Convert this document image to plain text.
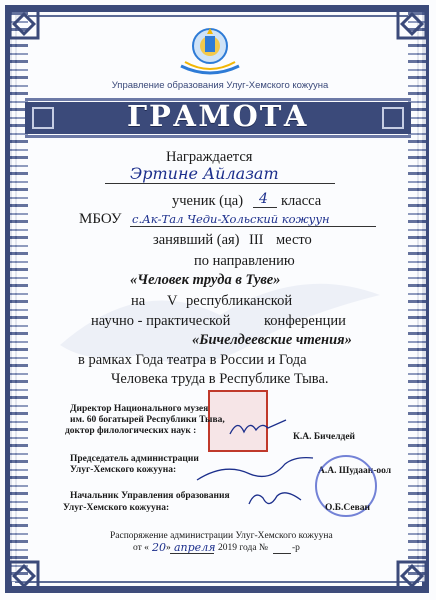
Управление образования Улуг-Хемского кожууна
ГРАМОТА
Награждается
Эртине Айлазат
ученик (ца) 4 класса
МБОУ с.Ак-Тал Чеди-Хольский кожуун
занявший (ая) III место
по направлению
«Человек труда в Туве»
на V республиканской
научно - практической конференции
«Бичелдеевские чтения»
в рамках Года театра в России и Года
Человека труда в Республике Тыва.
Директор Национального музея
им. 60 богатырей Республики Тыва,
доктор филологических наук :
К.А. Бичелдей
Председатель администрации
Улуг-Хемского кожууна:	А.А. Шудаан-оол
Начальник Управления образования
Улуг-Хемского кожууна:	О.Б.Севан
Распоряжение администрации Улуг-Хемского кожууна
от « 20 » апреля 2019 года №	-р
